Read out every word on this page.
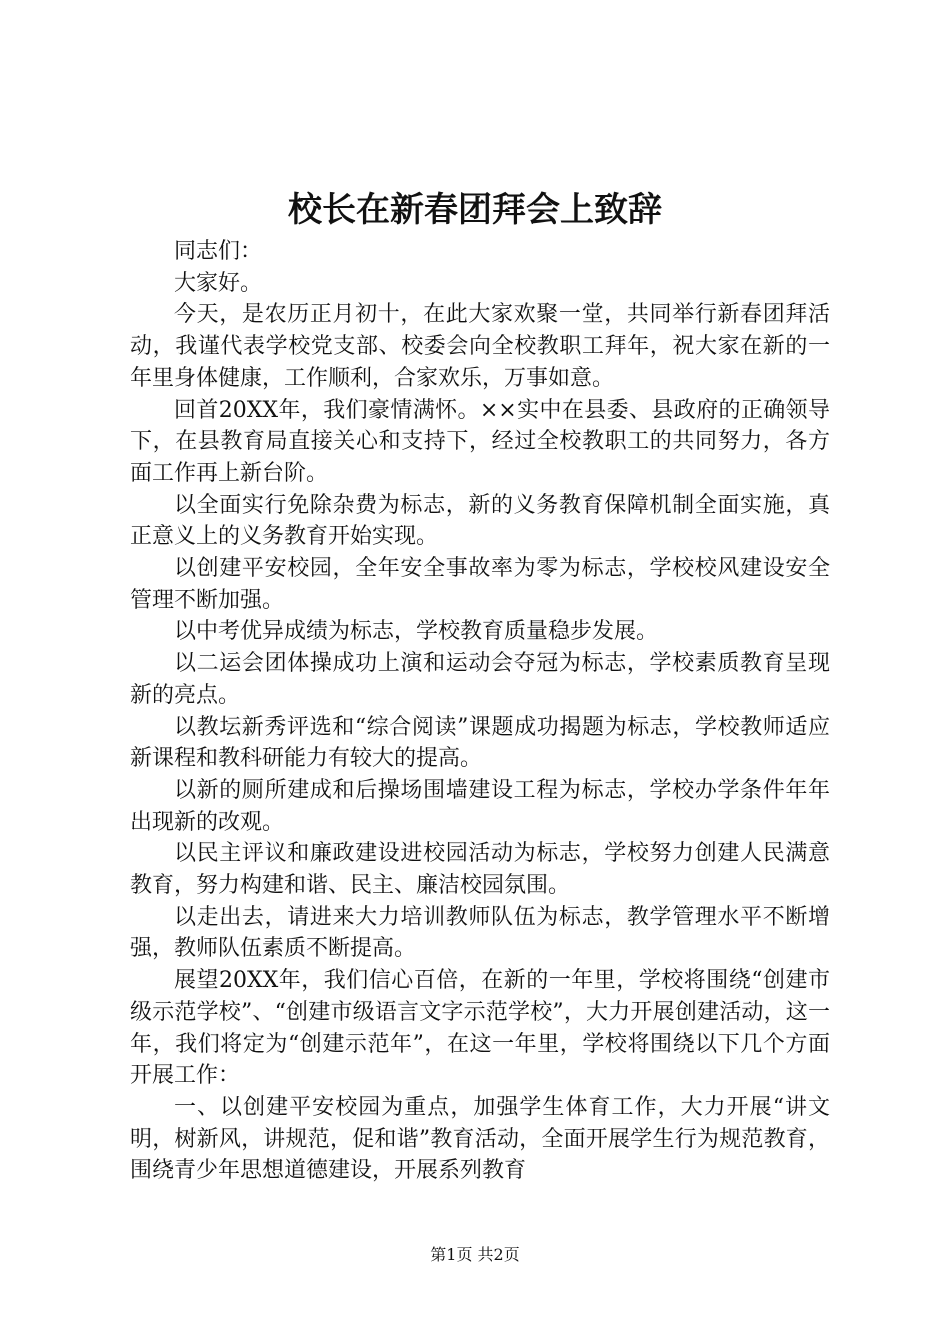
校长在新春团拜会上致辞

同志们：

大家好。

今天，是农历正月初十，在此大家欢聚一堂，共同举行新春团拜活动，我谨代表学校党支部、校委会向全校教职工拜年，祝大家在新的一年里身体健康，工作顺利，合家欢乐，万事如意。

回首20XX年，我们豪情满怀。××实中在县委、县政府的正确领导下，在县教育局直接关心和支持下，经过全校教职工的共同努力，各方面工作再上新台阶。

以全面实行免除杂费为标志，新的义务教育保障机制全面实施，真正意义上的义务教育开始实现。

以创建平安校园，全年安全事故率为零为标志，学校校风建设安全管理不断加强。

以中考优异成绩为标志，学校教育质量稳步发展。

以二运会团体操成功上演和运动会夺冠为标志，学校素质教育呈现新的亮点。

以教坛新秀评选和“综合阅读”课题成功揭题为标志，学校教师适应新课程和教科研能力有较大的提高。

以新的厕所建成和后操场围墙建设工程为标志，学校办学条件年年出现新的改观。

以民主评议和廉政建设进校园活动为标志，学校努力创建人民满意教育，努力构建和谐、民主、廉洁校园氛围。

以走出去，请进来大力培训教师队伍为标志，教学管理水平不断增强，教师队伍素质不断提高。

展望20XX年，我们信心百倍，在新的一年里，学校将围绕“创建市级示范学校”、“创建市级语言文字示范学校”，大力开展创建活动，这一年，我们将定为“创建示范年”，在这一年里，学校将围绕以下几个方面开展工作：

一、以创建平安校园为重点，加强学生体育工作，大力开展“讲文明，树新风，讲规范，促和谐”教育活动，全面开展学生行为规范教育，围绕青少年思想道德建设，开展系列教育

第1页 共2页
